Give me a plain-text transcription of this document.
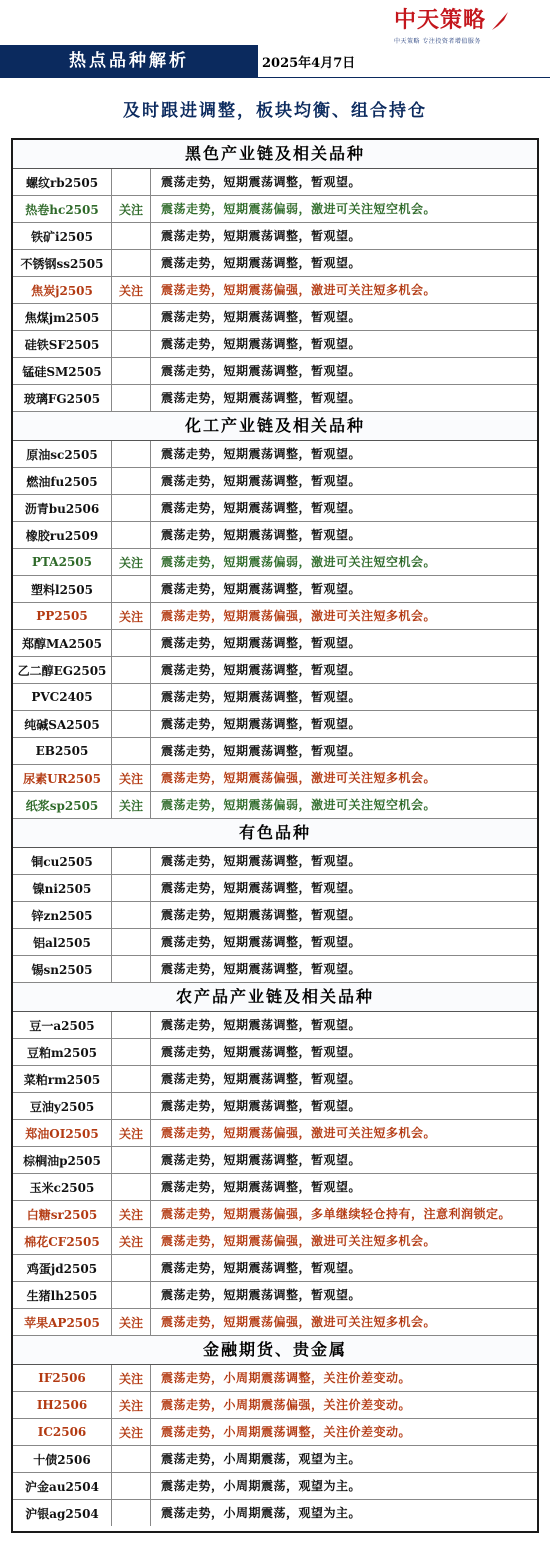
中天策略
中天策略 专注投资者增值服务
热点品种解析	2025年4月7日
及时跟进调整，板块均衡、组合持仓
黑色产业链及相关品种
螺纹rb2505	震荡走势，短期震荡调整，暂观望。
热卷hc2505	关注	震荡走势，短期震荡偏弱，激进可关注短空机会。
铁矿i2505	震荡走势，短期震荡调整，暂观望。
不锈钢ss2505	震荡走势，短期震荡调整，暂观望。
焦炭j2505	关注	震荡走势，短期震荡偏强，激进可关注短多机会。
焦煤jm2505	震荡走势，短期震荡调整，暂观望。
硅铁SF2505	震荡走势，短期震荡调整，暂观望。
锰硅SM2505	震荡走势，短期震荡调整，暂观望。
玻璃FG2505	震荡走势，短期震荡调整，暂观望。
化工产业链及相关品种
原油sc2505	震荡走势，短期震荡调整，暂观望。
燃油fu2505	震荡走势，短期震荡调整，暂观望。
沥青bu2506	震荡走势，短期震荡调整，暂观望。
橡胶ru2509	震荡走势，短期震荡调整，暂观望。
PTA2505	关注	震荡走势，短期震荡偏弱，激进可关注短空机会。
塑料l2505	震荡走势，短期震荡调整，暂观望。
PP2505	关注	震荡走势，短期震荡偏强，激进可关注短多机会。
郑醇MA2505	震荡走势，短期震荡调整，暂观望。
乙二醇EG2505	震荡走势，短期震荡调整，暂观望。
PVC2405	震荡走势，短期震荡调整，暂观望。
纯碱SA2505	震荡走势，短期震荡调整，暂观望。
EB2505	震荡走势，短期震荡调整，暂观望。
尿素UR2505	关注	震荡走势，短期震荡偏强，激进可关注短多机会。
纸浆sp2505	关注	震荡走势，短期震荡偏弱，激进可关注短空机会。
有色品种
铜cu2505	震荡走势，短期震荡调整，暂观望。
镍ni2505	震荡走势，短期震荡调整，暂观望。
锌zn2505	震荡走势，短期震荡调整，暂观望。
铝al2505	震荡走势，短期震荡调整，暂观望。
锡sn2505	震荡走势，短期震荡调整，暂观望。
农产品产业链及相关品种
豆一a2505	震荡走势，短期震荡调整，暂观望。
豆粕m2505	震荡走势，短期震荡调整，暂观望。
菜粕rm2505	震荡走势，短期震荡调整，暂观望。
豆油y2505	震荡走势，短期震荡调整，暂观望。
郑油OI2505	关注	震荡走势，短期震荡偏强，激进可关注短多机会。
棕榈油p2505	震荡走势，短期震荡调整，暂观望。
玉米c2505	震荡走势，短期震荡调整，暂观望。
白糖sr2505	关注	震荡走势，短期震荡偏强，多单继续轻仓持有，注意利润锁定。
棉花CF2505	关注	震荡走势，短期震荡偏强，激进可关注短多机会。
鸡蛋jd2505	震荡走势，短期震荡调整，暂观望。
生猪lh2505	震荡走势，短期震荡调整，暂观望。
苹果AP2505	关注	震荡走势，短期震荡偏强，激进可关注短多机会。
金融期货、贵金属
IF2506	关注	震荡走势，小周期震荡调整，关注价差变动。
IH2506	关注	震荡走势，小周期震荡偏强，关注价差变动。
IC2506	关注	震荡走势，小周期震荡调整，关注价差变动。
十债2506	震荡走势，小周期震荡，观望为主。
沪金au2504	震荡走势，小周期震荡，观望为主。
沪银ag2504	震荡走势，小周期震荡，观望为主。
